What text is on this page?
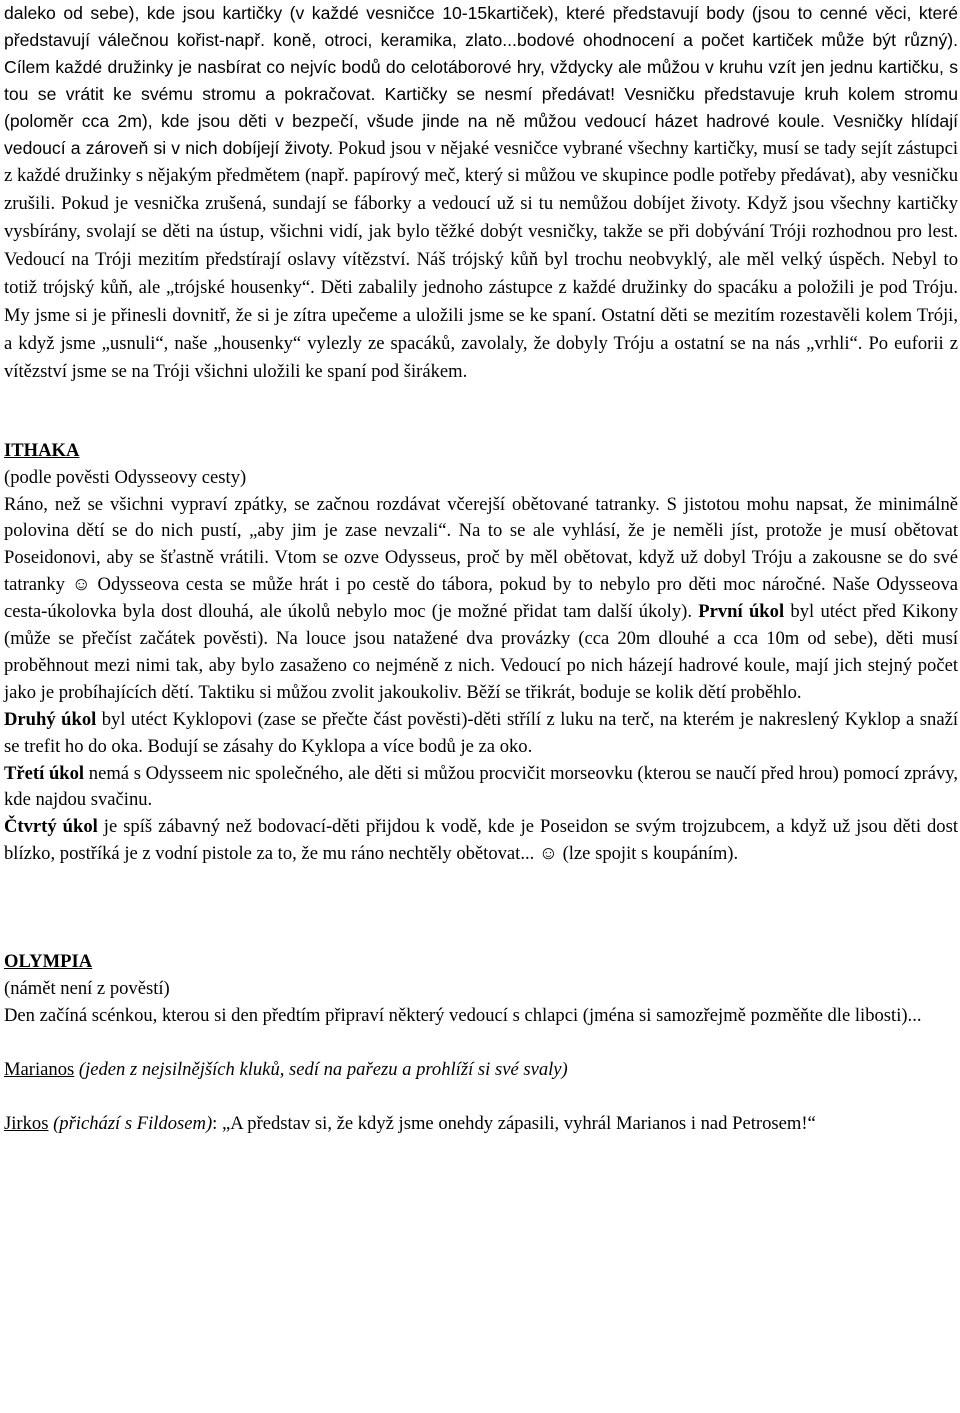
daleko od sebe), kde jsou kartičky (v každé vesničce 10-15kartiček), které představují body (jsou to cenné věci, které představují válečnou kořist-např. koně, otroci, keramika, zlato...bodové ohodnocení a počet kartiček může být různý). Cílem každé družinky je nasbírat co nejvíc bodů do celotáborové hry, vždycky ale můžou v kruhu vzít jen jednu kartičku, s tou se vrátit ke svému stromu a pokračovat. Kartičky se nesmí předávat! Vesničku představuje kruh kolem stromu (poloměr cca 2m), kde jsou děti v bezpečí, všude jinde na ně můžou vedoucí házet hadrové koule. Vesničky hlídají vedoucí a zároveň si v nich dobíjejí životy. Pokud jsou v nějaké vesničce vybrané všechny kartičky, musí se tady sejít zástupci z každé družinky s nějakým předmětem (např. papírový meč, který si můžou ve skupince podle potřeby předávat), aby vesničku zrušili. Pokud je vesnička zrušená, sundají se fáborky a vedoucí už si tu nemůžou dobíjet životy. Když jsou všechny kartičky vysbírány, svolají se děti na ústup, všichni vidí, jak bylo těžké dobýt vesničky, takže se při dobývání Tróji rozhodnou pro lest. Vedoucí na Tróji mezitím předstírají oslavy vítězství. Náš trójský kůň byl trochu neobvyklý, ale měl velký úspěch. Nebyl to totiž trójský kůň, ale „trójské housenky“. Děti zabalily jednoho zástupce z každé družinky do spacáku a položili je pod Tróju. My jsme si je přinesli dovnitř, že si je zítra upečeme a uložili jsme se ke spaní. Ostatní děti se mezitím rozestavěli kolem Tróji, a když jsme „usnuli“, naše „housenky“ vylezly ze spacáků, zavolaly, že dobyly Tróju a ostatní se na nás „vrhli“. Po euforii z vítězství jsme se na Tróji všichni uložili ke spaní pod širákem.

ITHAKA

(podle pověsti Odysseovy cesty)

Ráno, než se všichni vypraví zpátky, se začnou rozdávat včerejší obětované tatranky. S jistotou mohu napsat, že minimálně polovina dětí se do nich pustí, „aby jim je zase nevzali“. Na to se ale vyhlásí, že je neměli jíst, protože je musí obětovat Poseidonovi, aby se šťastně vrátili. Vtom se ozve Odysseus, proč by měl obětovat, když už dobyl Tróju a zakousne se do své tatranky ☺ Odysseova cesta se může hrát i po cestě do tábora, pokud by to nebylo pro děti moc náročné. Naše Odysseova cesta-úkolovka byla dost dlouhá, ale úkolů nebylo moc (je možné přidat tam další úkoly). První úkol byl utéct před Kikony (může se přečíst začátek pověsti). Na louce jsou natažené dva provázky (cca 20m dlouhé a cca 10m od sebe), děti musí proběhnout mezi nimi tak, aby bylo zasaženo co nejméně z nich. Vedoucí po nich házejí hadrové koule, mají jich stejný počet jako je probíhajících dětí. Taktiku si můžou zvolit jakoukoliv. Běží se třikrát, boduje se kolik dětí proběhlo.

Druhý úkol byl utéct Kyklopovi (zase se přečte část pověsti)-děti střílí z luku na terč, na kterém je nakreslený Kyklop a snaží se trefit ho do oka. Bodují se zásahy do Kyklopa a více bodů je za oko.

Třetí úkol nemá s Odysseem nic společného, ale děti si můžou procvičit morseovku (kterou se naučí před hrou) pomocí zprávy, kde najdou svačinu.

Čtvrtý úkol je spíš zábavný než bodovací-děti přijdou k vodě, kde je Poseidon se svým trojzubcem, a když už jsou děti dost blízko, postříká je z vodní pistole za to, že mu ráno nechtěly obětovat... ☺ (lze spojit s koupáním).

OLYMPIA

(námět není z pověstí)

Den začíná scénkou, kterou si den předtím připraví některý vedoucí s chlapci (jména si samozřejmě pozměňte dle libosti)...

Marianos (jeden z nejsilnějších kluků, sedí na pařezu a prohlíží si své svaly)

Jirkos (přichází s Fildosem): „A představ si, že když jsme onehdy zápasili, vyhrál Marianos i nad Petrosem!“
